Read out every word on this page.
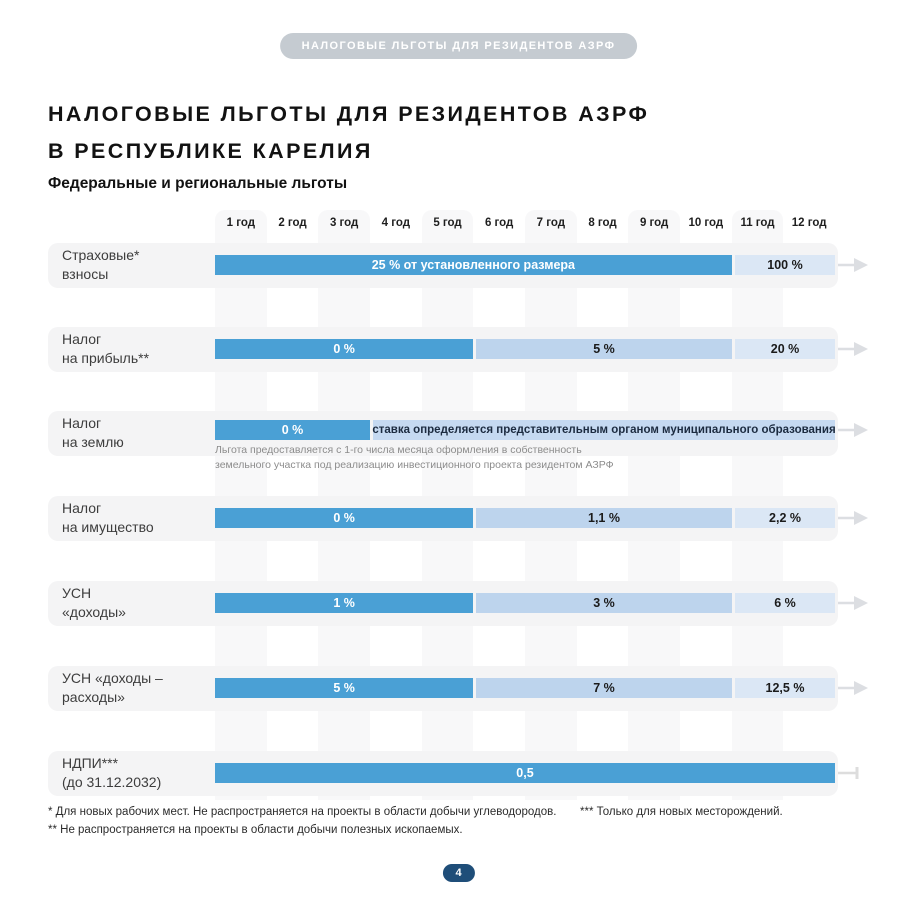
НАЛОГОВЫЕ ЛЬГОТЫ ДЛЯ РЕЗИДЕНТОВ АЗРФ
НАЛОГОВЫЕ ЛЬГОТЫ ДЛЯ РЕЗИДЕНТОВ АЗРФ
В РЕСПУБЛИКЕ КАРЕЛИЯ
Федеральные и региональные льготы
1 год	2 год	3 год	4 год	5 год	6 год	7 год	8 год	9 год	10 год	11 год	12 год
Страховые*
взносы
25 % от установленного размера	100 %
Налог
на прибыль**
0 %	5 %	20 %
Налог
на землю
0 %	ставка определяется представительным органом муниципального образования
Льгота предоставляется с 1-го числа месяца оформления в собственность
земельного участка под реализацию инвестиционного проекта резидентом АЗРФ
Налог
на имущество
0 %	1,1 %	2,2 %
УСН
«доходы»
1 %	3 %	6 %
УСН «доходы –
расходы»
5 %	7 %	12,5 %
НДПИ***
(до 31.12.2032)
0,5
* Для новых рабочих мест. Не распространяется на проекты в области добычи углеводородов. *** Только для новых месторождений.
** Не распространяется на проекты в области добычи полезных ископаемых.
4
